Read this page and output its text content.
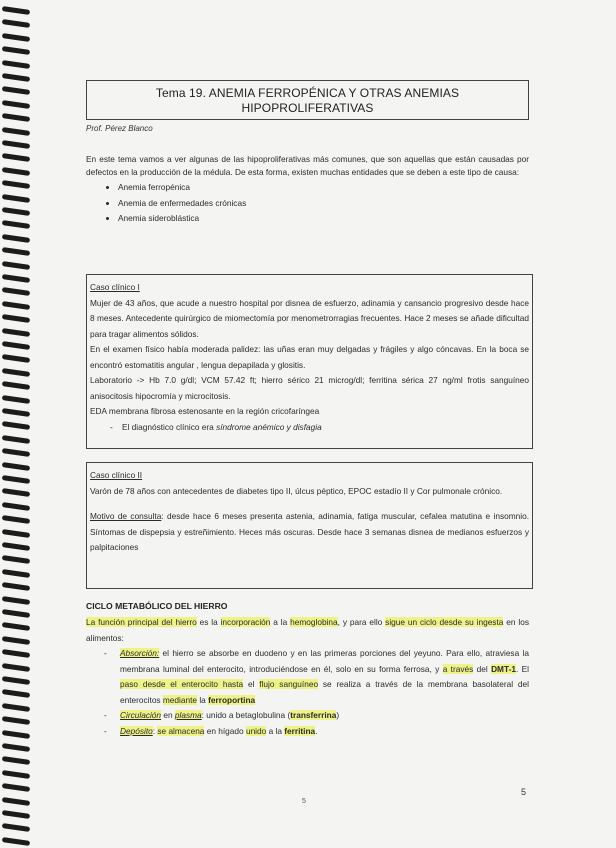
Tema 19. ANEMIA FERROPÉNICA Y OTRAS ANEMIAS
HIPOPROLIFERATIVAS
Prof. Pérez Blanco

En este tema vamos a ver algunas de las hipoproliferativas más comunes, que son aquellas que están causadas por defectos en la producción de la médula. De esta forma, existen muchas entidades que se deben a este tipo de causa:

• Anemia ferropénica
• Anemia de enfermedades crónicas
• Anemia sideroblástica

Caso clínico I

Mujer de 43 años, que acude a nuestro hospital por disnea de esfuerzo, adinamia y cansancio progresivo desde hace 8 meses. Antecedente quirúrgico de miomectomía por menometrorragias frecuentes. Hace 2 meses se añade dificultad para tragar alimentos sólidos.

En el examen físico había moderada palidez: las uñas eran muy delgadas y frágiles y algo cóncavas. En la boca se encontró estomatitis angular , lengua depapilada y glositis.

Laboratorio -> Hb 7.0 g/dl; VCM 57.42 ft; hierro sérico 21 microg/dl; ferritina sérica 27 ng/ml frotis sanguíneo anisocitosis hipocromía y microcitosis.

EDA membrana fibrosa estenosante en la región cricofaríngea

-    El diagnóstico clínico era síndrome anémico y disfagia

Caso clínico II

Varón de 78 años con antecedentes de diabetes tipo II, úlcus péptico, EPOC estadío II y Cor pulmonale crónico.

Motivo de consulta: desde hace 6 meses presenta astenia, adinamia, fatiga muscular, cefalea matutina e insomnio. Síntomas de dispepsia y estreñimiento. Heces más oscuras. Desde hace 3 semanas disnea de medianos esfuerzos y palpitaciones

CICLO METABÓLICO DEL HIERRO

La función principal del hierro es la incorporación a la hemoglobina, y para ello sigue un ciclo desde su ingesta en los alimentos:

- Absorción: el hierro se absorbe en duodeno y en las primeras porciones del yeyuno. Para ello, atraviesa la membrana luminal del enterocito, introduciéndose en él, solo en su forma ferrosa, y a través del DMT-1. El paso desde el enterocito hasta el flujo sanguíneo se realiza a través de la membrana basolateral del enterocitos mediante la ferroportina

- Circulación en plasma: unido a betaglobulina (transferrina)

- Depósito: se almacena en hígado unido a la ferritina.

5
5
